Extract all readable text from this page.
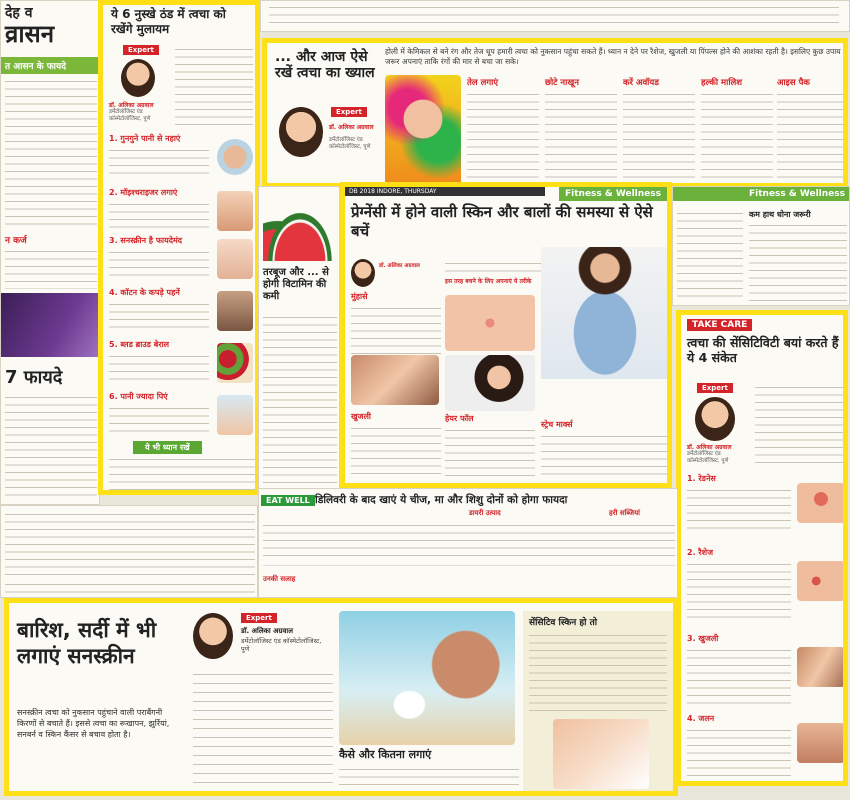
देह व
व्रासन
त आसन के फायदे
न कर्ज
7 फायदे
ये 6 नुस्खे ठंड में त्वचा को रखेंगे मुलायम
Expert
डॉ. अलिका अग्रवाल
डर्मेटोलॉजिस्ट एंड कॉस्मेटोलॉजिस्ट, पुणे
1. गुनगुने पानी से नहाएं
2. मॉइश्चराइजर लगाएं
3. सनस्क्रीन है फायदेमंद
4. कॉटन के कपड़े पहनें
5. ब्लड ब्राउड बेराल
6. पानी ज्यादा पिएं
ये भी ध्यान रखें
... और आज ऐसे रखें त्वचा का ख्याल
Expert
डॉ. अलिका अग्रवाल
डर्मेटोलॉजिस्ट एंड कॉस्मेटोलॉजिस्ट, पुणे
होली में केमिकल से बने रंग और तेज धूप हमारी त्वचा को नुकसान पहुंचा सकते हैं। ध्यान न देने पर रैशेज, खुजली या पिंपल्स होने की आशंका रहती है। इसलिए कुछ उपाय जरूर अपनाएं ताकि रंगों की मार से बचा जा सके।
तेल लगाएं	छोटे नाखून	करें अवॉयड	हल्की मालिश	आइस पैक
तरबूज और ... से होगी विटामिन की कमी
DB 2018 INDORE, THURSDAY	Fitness & Wellness
प्रेग्नेंसी में होने वाली स्किन और बालों की समस्या से ऐसे बचें
डॉ. अलिका अग्रवाल
इस तरह बचने के लिए अपनाएं ये तरीके
मुंहासे
खुजली	हेयर फॉल
स्ट्रेच मार्क्स
Fitness & Wellness
कम हाथ धोना जरूरी
TAKE CARE
त्वचा की सेंसिटिविटी बयां करते हैं ये 4 संकेत
Expert
डॉ. अलिका अग्रवाल
डर्मेटोलॉजिस्ट एंड कॉस्मेटोलॉजिस्ट, पुणे
1. रेडनेस
2. रैशेज
3. खुजली
4. जलन
EAT WELL डिलिवरी के बाद खाएं ये चीज, मा और शिशु दोनों को होगा फायदा
डायरी उत्पाद	हरी सब्जियां
उनकी सलाह
बारिश, सर्दी में भी लगाएं सनस्क्रीन
सनस्क्रीन त्वचा को नुकसान पहुंचाने वाली पराबैंगनी किरणों से बचाते हैं। इससे त्वचा का रूखापन, झुर्रियां, सनबर्न व स्किन कैंसर से बचाव होता है।
Expert
डॉ. अलिका अग्रवाल
डर्मेटोलॉजिस्ट एंड कॉस्मेटोलॉजिस्ट, पुणे
कैसे और कितना लगाएं
सेंसिटिव स्किन हो तो
